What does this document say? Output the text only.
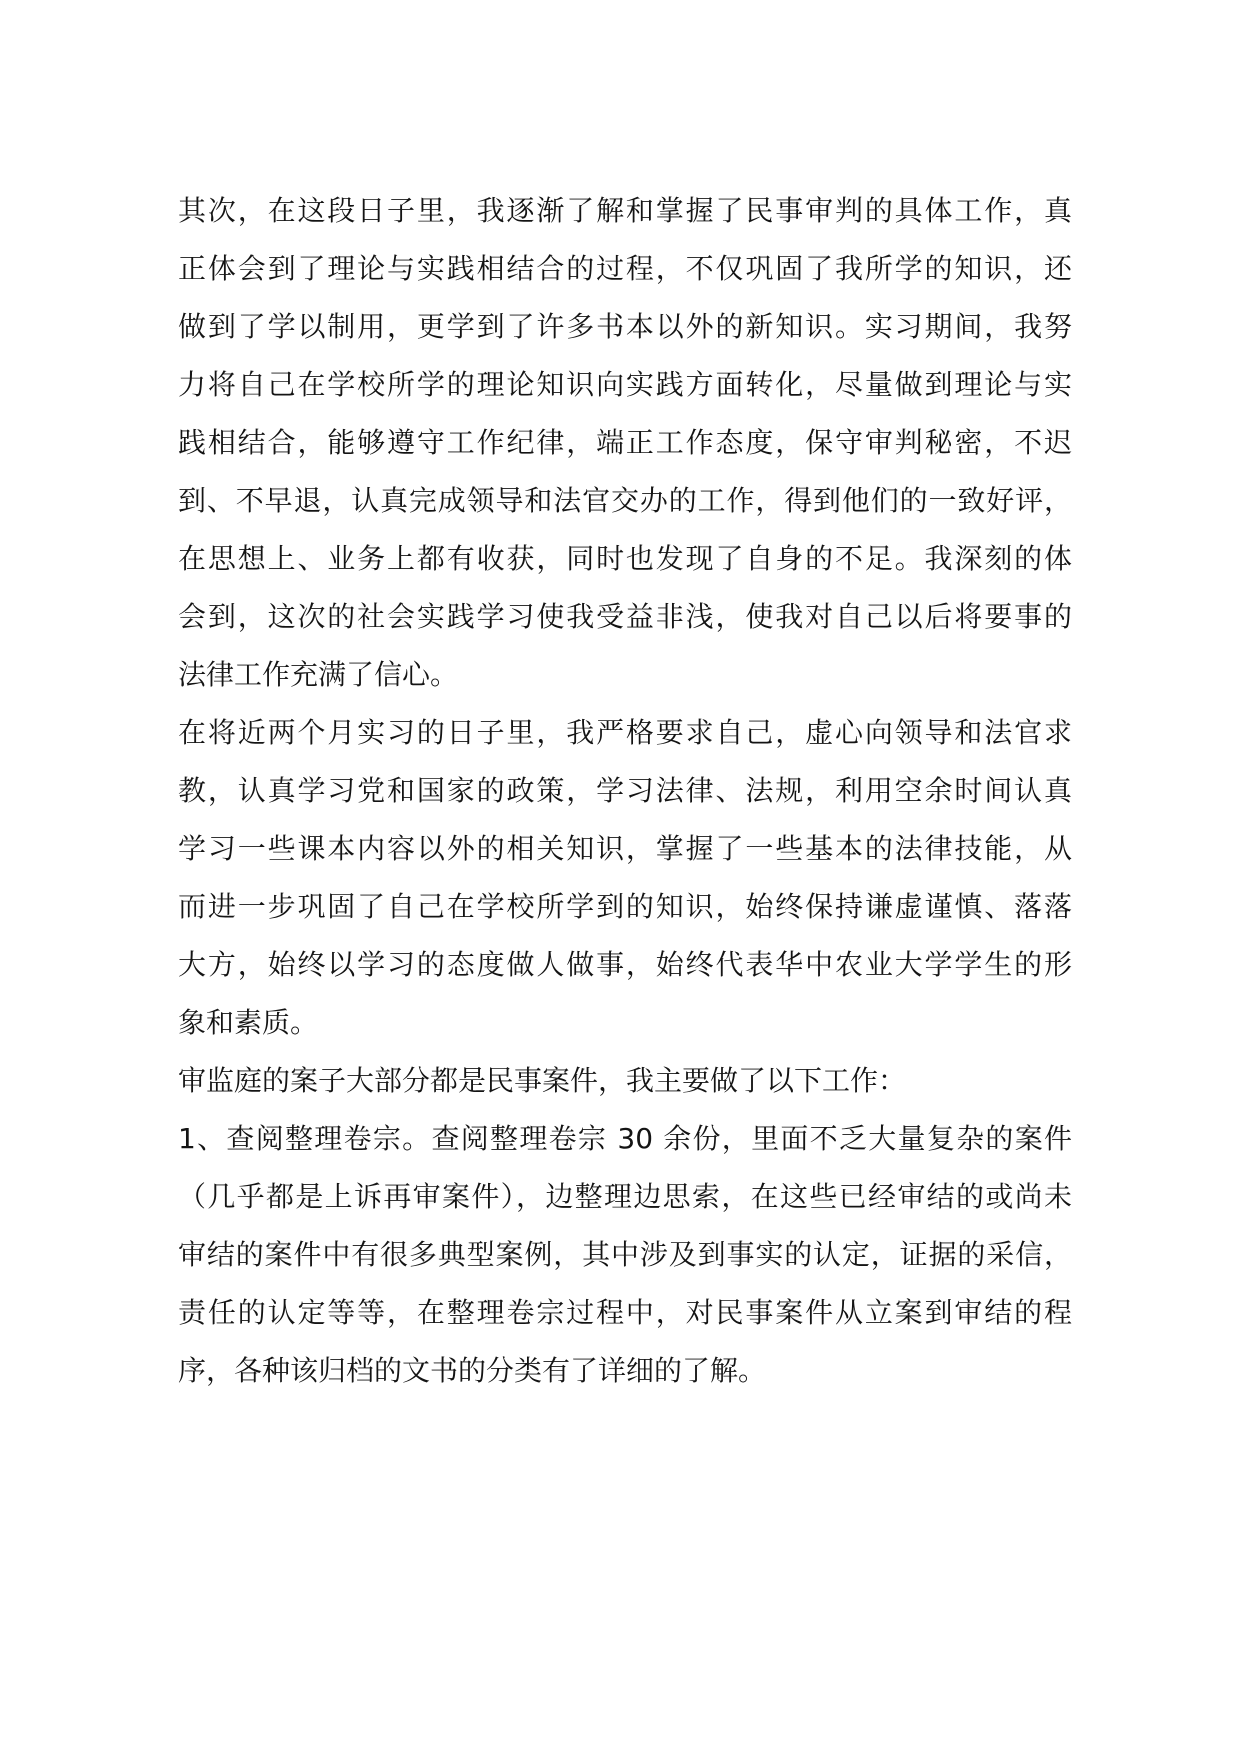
其次，在这段日子里，我逐渐了解和掌握了民事审判的具体工作，真
正体会到了理论与实践相结合的过程，不仅巩固了我所学的知识，还
做到了学以制用，更学到了许多书本以外的新知识。实习期间，我努
力将自己在学校所学的理论知识向实践方面转化，尽量做到理论与实
践相结合，能够遵守工作纪律，端正工作态度，保守审判秘密，不迟
到、不早退，认真完成领导和法官交办的工作，得到他们的一致好评，
在思想上、业务上都有收获，同时也发现了自身的不足。我深刻的体
会到，这次的社会实践学习使我受益非浅，使我对自己以后将要事的
法律工作充满了信心。

在将近两个月实习的日子里，我严格要求自己，虚心向领导和法官求
教，认真学习党和国家的政策，学习法律、法规，利用空余时间认真
学习一些课本内容以外的相关知识，掌握了一些基本的法律技能，从
而进一步巩固了自己在学校所学到的知识，始终保持谦虚谨慎、落落
大方，始终以学习的态度做人做事，始终代表华中农业大学学生的形
象和素质。

审监庭的案子大部分都是民事案件，我主要做了以下工作：

1、查阅整理卷宗。查阅整理卷宗 30 余份，里面不乏大量复杂的案件
（几乎都是上诉再审案件），边整理边思索，在这些已经审结的或尚未
审结的案件中有很多典型案例，其中涉及到事实的认定，证据的采信，
责任的认定等等，在整理卷宗过程中，对民事案件从立案到审结的程
序，各种该归档的文书的分类有了详细的了解。
